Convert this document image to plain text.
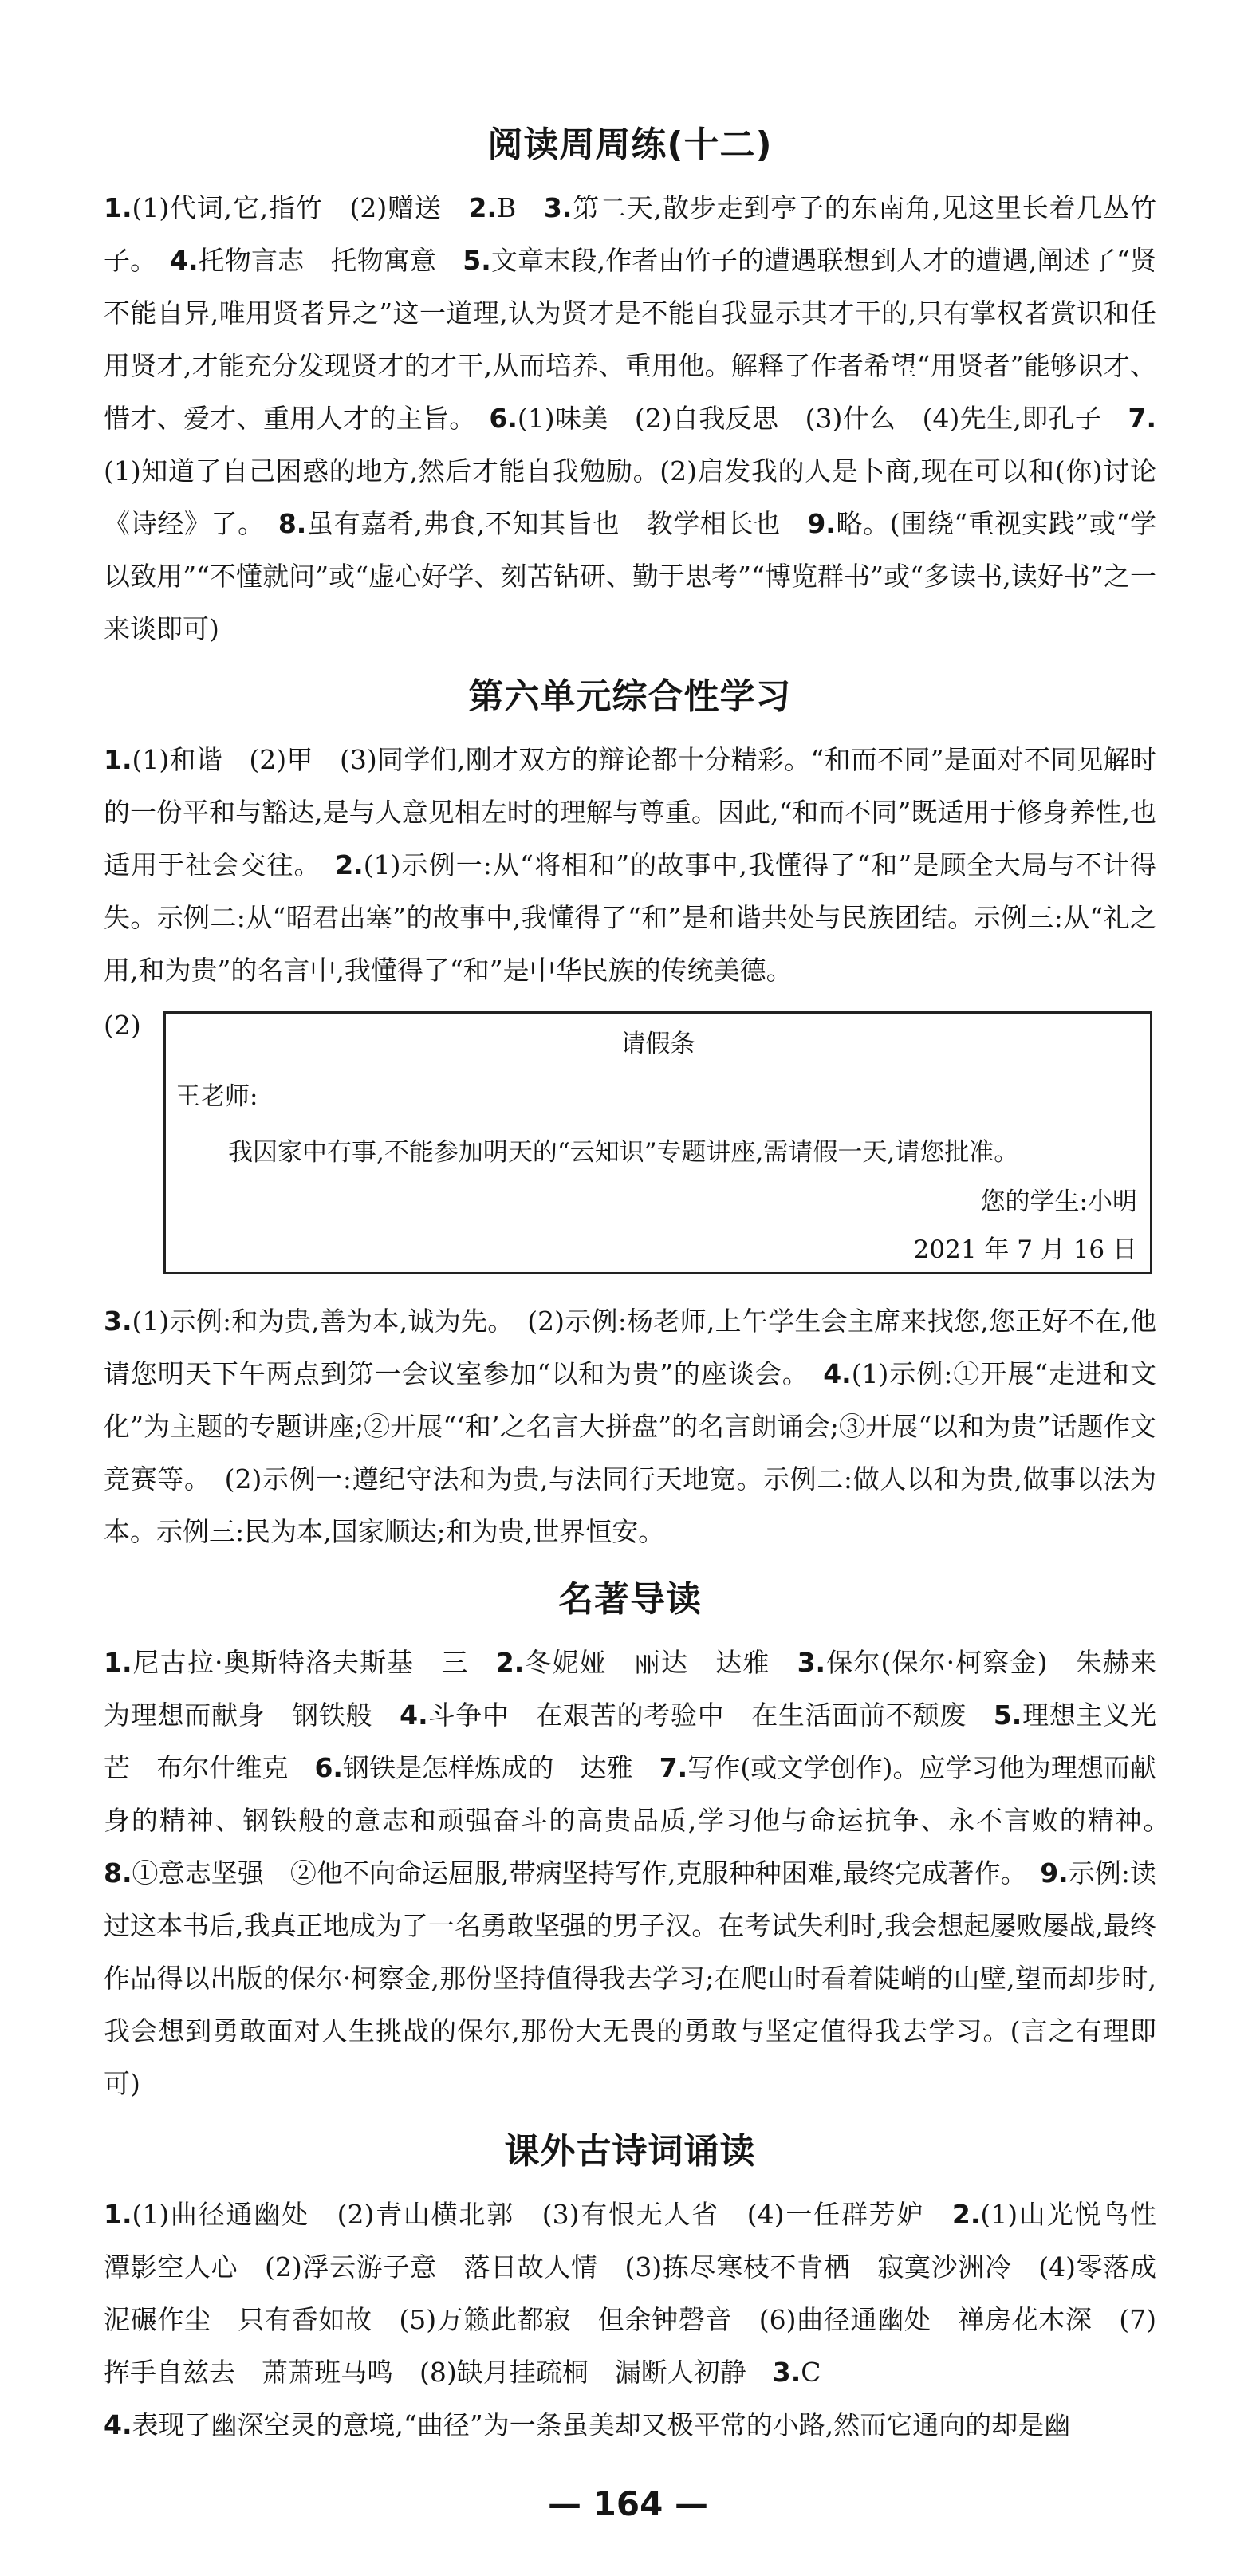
阅读周周练(十二)

1.(1)代词,它,指竹　(2)赠送　2.B　3.第二天,散步走到亭子的东南角,见这里长着几丛竹子。　4.托物言志　托物寓意　5.文章末段,作者由竹子的遭遇联想到人才的遭遇,阐述了“贤不能自异,唯用贤者异之”这一道理,认为贤才是不能自我显示其才干的,只有掌权者赏识和任用贤才,才能充分发现贤才的才干,从而培养、重用他。解释了作者希望“用贤者”能够识才、惜才、爱才、重用人才的主旨。　6.(1)味美　(2)自我反思　(3)什么　(4)先生,即孔子　7.(1)知道了自己困惑的地方,然后才能自我勉励。(2)启发我的人是卜商,现在可以和(你)讨论《诗经》了。　8.虽有嘉肴,弗食,不知其旨也　教学相长也　9.略。(围绕“重视实践”或“学以致用”“不懂就问”或“虚心好学、刻苦钻研、勤于思考”“博览群书”或“多读书,读好书”之一来谈即可)

第六单元综合性学习

1.(1)和谐　(2)甲　(3)同学们,刚才双方的辩论都十分精彩。“和而不同”是面对不同见解时的一份平和与豁达,是与人意见相左时的理解与尊重。因此,“和而不同”既适用于修身养性,也适用于社会交往。　2.(1)示例一:从“将相和”的故事中,我懂得了“和”是顾全大局与不计得失。示例二:从“昭君出塞”的故事中,我懂得了“和”是和谐共处与民族团结。示例三:从“礼之用,和为贵”的名言中,我懂得了“和”是中华民族的传统美德。

(2)
请假条
王老师:
我因家中有事,不能参加明天的“云知识”专题讲座,需请假一天,请您批准。
您的学生:小明
2021 年 7 月 16 日

3.(1)示例:和为贵,善为本,诚为先。　(2)示例:杨老师,上午学生会主席来找您,您正好不在,他请您明天下午两点到第一会议室参加“以和为贵”的座谈会。　4.(1)示例:①开展“走进和文化”为主题的专题讲座;②开展“‘和’之名言大拼盘”的名言朗诵会;③开展“以和为贵”话题作文竞赛等。　(2)示例一:遵纪守法和为贵,与法同行天地宽。示例二:做人以和为贵,做事以法为本。示例三:民为本,国家顺达;和为贵,世界恒安。

名著导读

1.尼古拉·奥斯特洛夫斯基　三　2.冬妮娅　丽达　达雅　3.保尔(保尔·柯察金)　朱赫来　为理想而献身　钢铁般　4.斗争中　在艰苦的考验中　在生活面前不颓废　5.理想主义光芒　布尔什维克　6.钢铁是怎样炼成的　达雅　7.写作(或文学创作)。应学习他为理想而献身的精神、钢铁般的意志和顽强奋斗的高贵品质,学习他与命运抗争、永不言败的精神。　8.①意志坚强　②他不向命运屈服,带病坚持写作,克服种种困难,最终完成著作。　9.示例:读过这本书后,我真正地成为了一名勇敢坚强的男子汉。在考试失利时,我会想起屡败屡战,最终作品得以出版的保尔·柯察金,那份坚持值得我去学习;在爬山时看着陡峭的山壁,望而却步时,我会想到勇敢面对人生挑战的保尔,那份大无畏的勇敢与坚定值得我去学习。(言之有理即可)

课外古诗词诵读

1.(1)曲径通幽处　(2)青山横北郭　(3)有恨无人省　(4)一任群芳妒　2.(1)山光悦鸟性　潭影空人心　(2)浮云游子意　落日故人情　(3)拣尽寒枝不肯栖　寂寞沙洲冷　(4)零落成泥碾作尘　只有香如故　(5)万籁此都寂　但余钟磬音　(6)曲径通幽处　禅房花木深　(7)挥手自兹去　萧萧班马鸣　(8)缺月挂疏桐　漏断人初静　3.C

4.表现了幽深空灵的意境,“曲径”为一条虽美却又极平常的小路,然而它通向的却是幽

— 164 —
